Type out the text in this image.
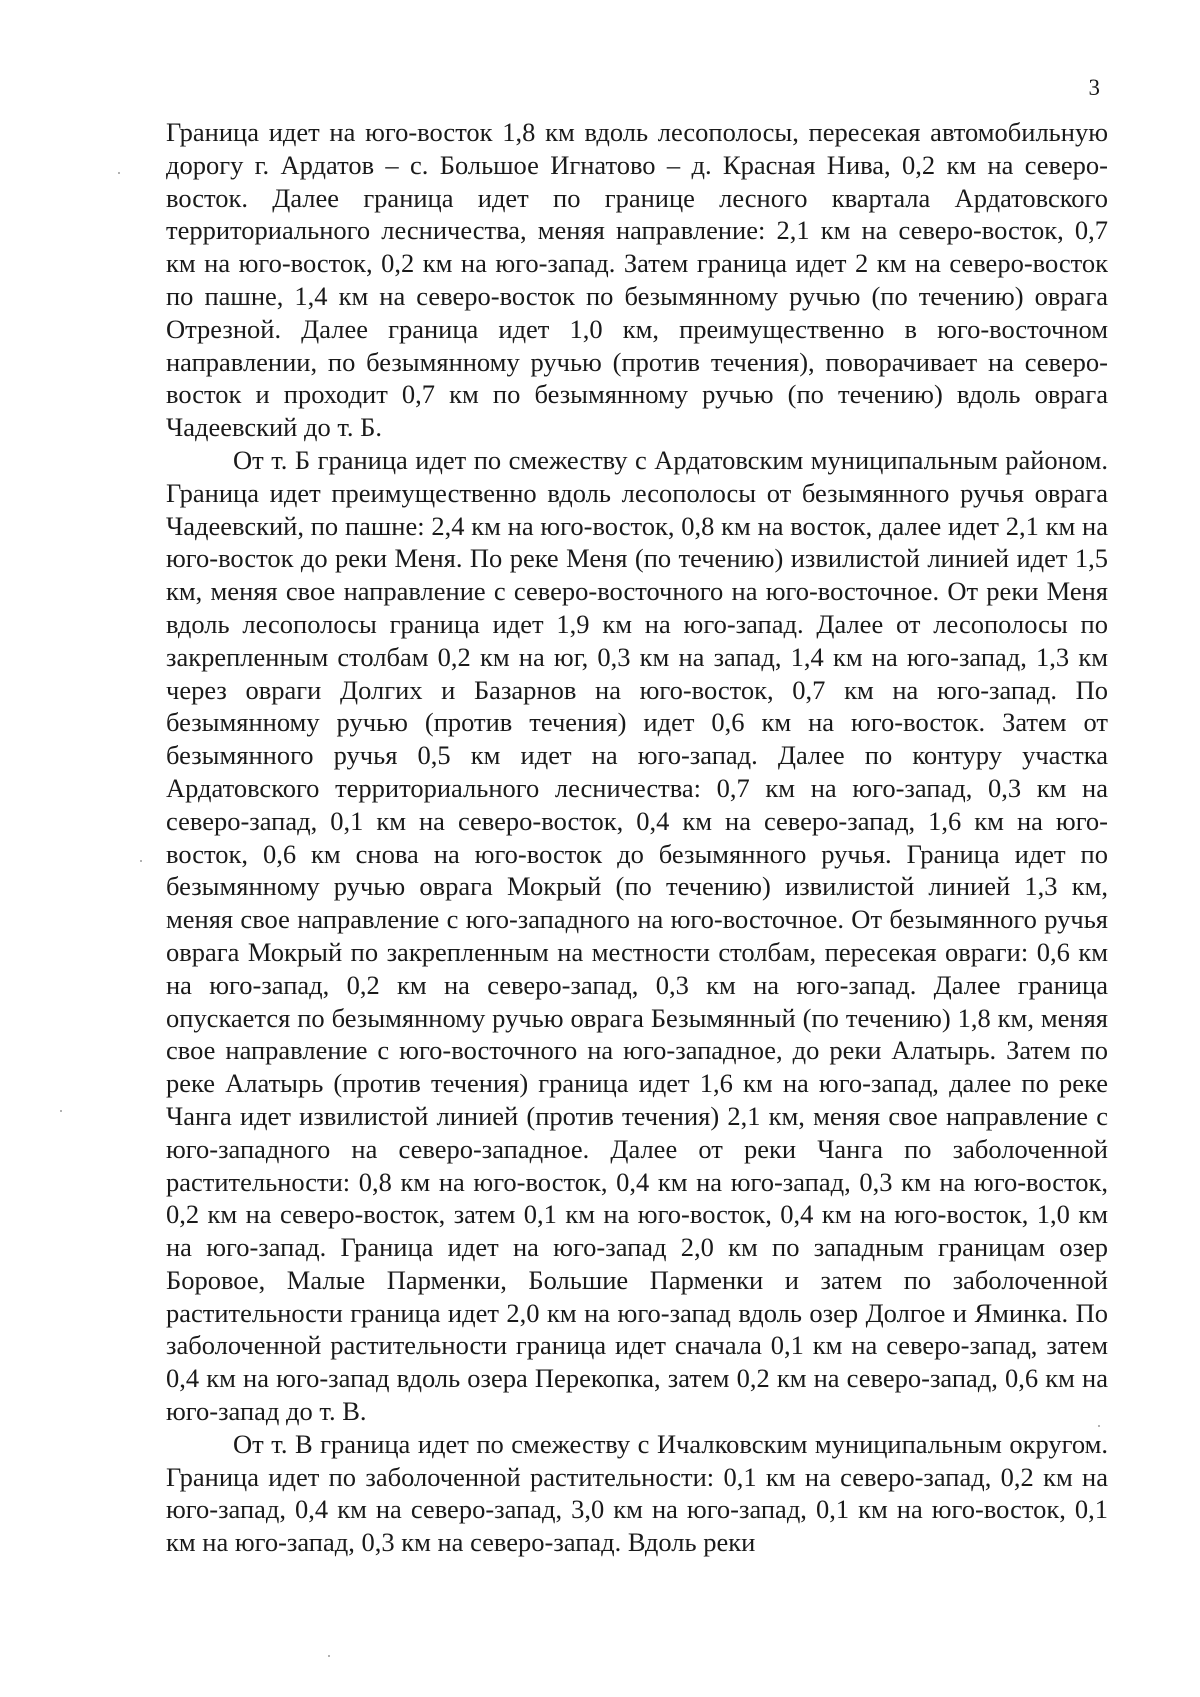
3

Граница идет на юго-восток 1,8 км вдоль лесополосы, пересекая автомобильную дорогу г. Ардатов – с. Большое Игнатово – д. Красная Нива, 0,2 км на северо-восток. Далее граница идет по границе лесного квартала Ардатовского территориального лесничества, меняя направление: 2,1 км на северо-восток, 0,7 км на юго-восток, 0,2 км на юго-запад. Затем граница идет 2 км на северо-восток по пашне, 1,4 км на северо-восток по безымянному ручью (по течению) оврага Отрезной. Далее граница идет 1,0 км, преимущественно в юго-восточном направлении, по безымянному ручью (против течения), поворачивает на северо-восток и проходит 0,7 км по безымянному ручью (по течению) вдоль оврага Чадеевский до т. Б.

От т. Б граница идет по смежеству с Ардатовским муниципальным районом. Граница идет преимущественно вдоль лесополосы от безымянного ручья оврага Чадеевский, по пашне: 2,4 км на юго-восток, 0,8 км на восток, далее идет 2,1 км на юго-восток до реки Меня. По реке Меня (по течению) извилистой линией идет 1,5 км, меняя свое направление с северо-восточного на юго-восточное. От реки Меня вдоль лесополосы граница идет 1,9 км на юго-запад. Далее от лесополосы по закрепленным столбам 0,2 км на юг, 0,3 км на запад, 1,4 км на юго-запад, 1,3 км через овраги Долгих и Базарнов на юго-восток, 0,7 км на юго-запад. По безымянному ручью (против течения) идет 0,6 км на юго-восток. Затем от безымянного ручья 0,5 км идет на юго-запад. Далее по контуру участка Ардатовского территориального лесничества: 0,7 км на юго-запад, 0,3 км на северо-запад, 0,1 км на северо-восток, 0,4 км на северо-запад, 1,6 км на юго-восток, 0,6 км снова на юго-восток до безымянного ручья. Граница идет по безымянному ручью оврага Мокрый (по течению) извилистой линией 1,3 км, меняя свое направление с юго-западного на юго-восточное. От безымянного ручья оврага Мокрый по закрепленным на местности столбам, пересекая овраги: 0,6 км на юго-запад, 0,2 км на северо-запад, 0,3 км на юго-запад. Далее граница опускается по безымянному ручью оврага Безымянный (по течению) 1,8 км, меняя свое направление с юго-восточного на юго-западное, до реки Алатырь. Затем по реке Алатырь (против течения) граница идет 1,6 км на юго-запад, далее по реке Чанга идет извилистой линией (против течения) 2,1 км, меняя свое направление с юго-западного на северо-западное. Далее от реки Чанга по заболоченной растительности: 0,8 км на юго-восток, 0,4 км на юго-запад, 0,3 км на юго-восток, 0,2 км на северо-восток, затем 0,1 км на юго-восток, 0,4 км на юго-восток, 1,0 км на юго-запад. Граница идет на юго-запад 2,0 км по западным границам озер Боровое, Малые Парменки, Большие Парменки и затем по заболоченной растительности граница идет 2,0 км на юго-запад вдоль озер Долгое и Яминка. По заболоченной растительности граница идет сначала 0,1 км на северо-запад, затем 0,4 км на юго-запад вдоль озера Перекопка, затем 0,2 км на северо-запад, 0,6 км на юго-запад до т. В.

От т. В граница идет по смежеству с Ичалковским муниципальным округом. Граница идет по заболоченной растительности: 0,1 км на северо-запад, 0,2 км на юго-запад, 0,4 км на северо-запад, 3,0 км на юго-запад, 0,1 км на юго-восток, 0,1 км на юго-запад, 0,3 км на северо-запад. Вдоль реки
